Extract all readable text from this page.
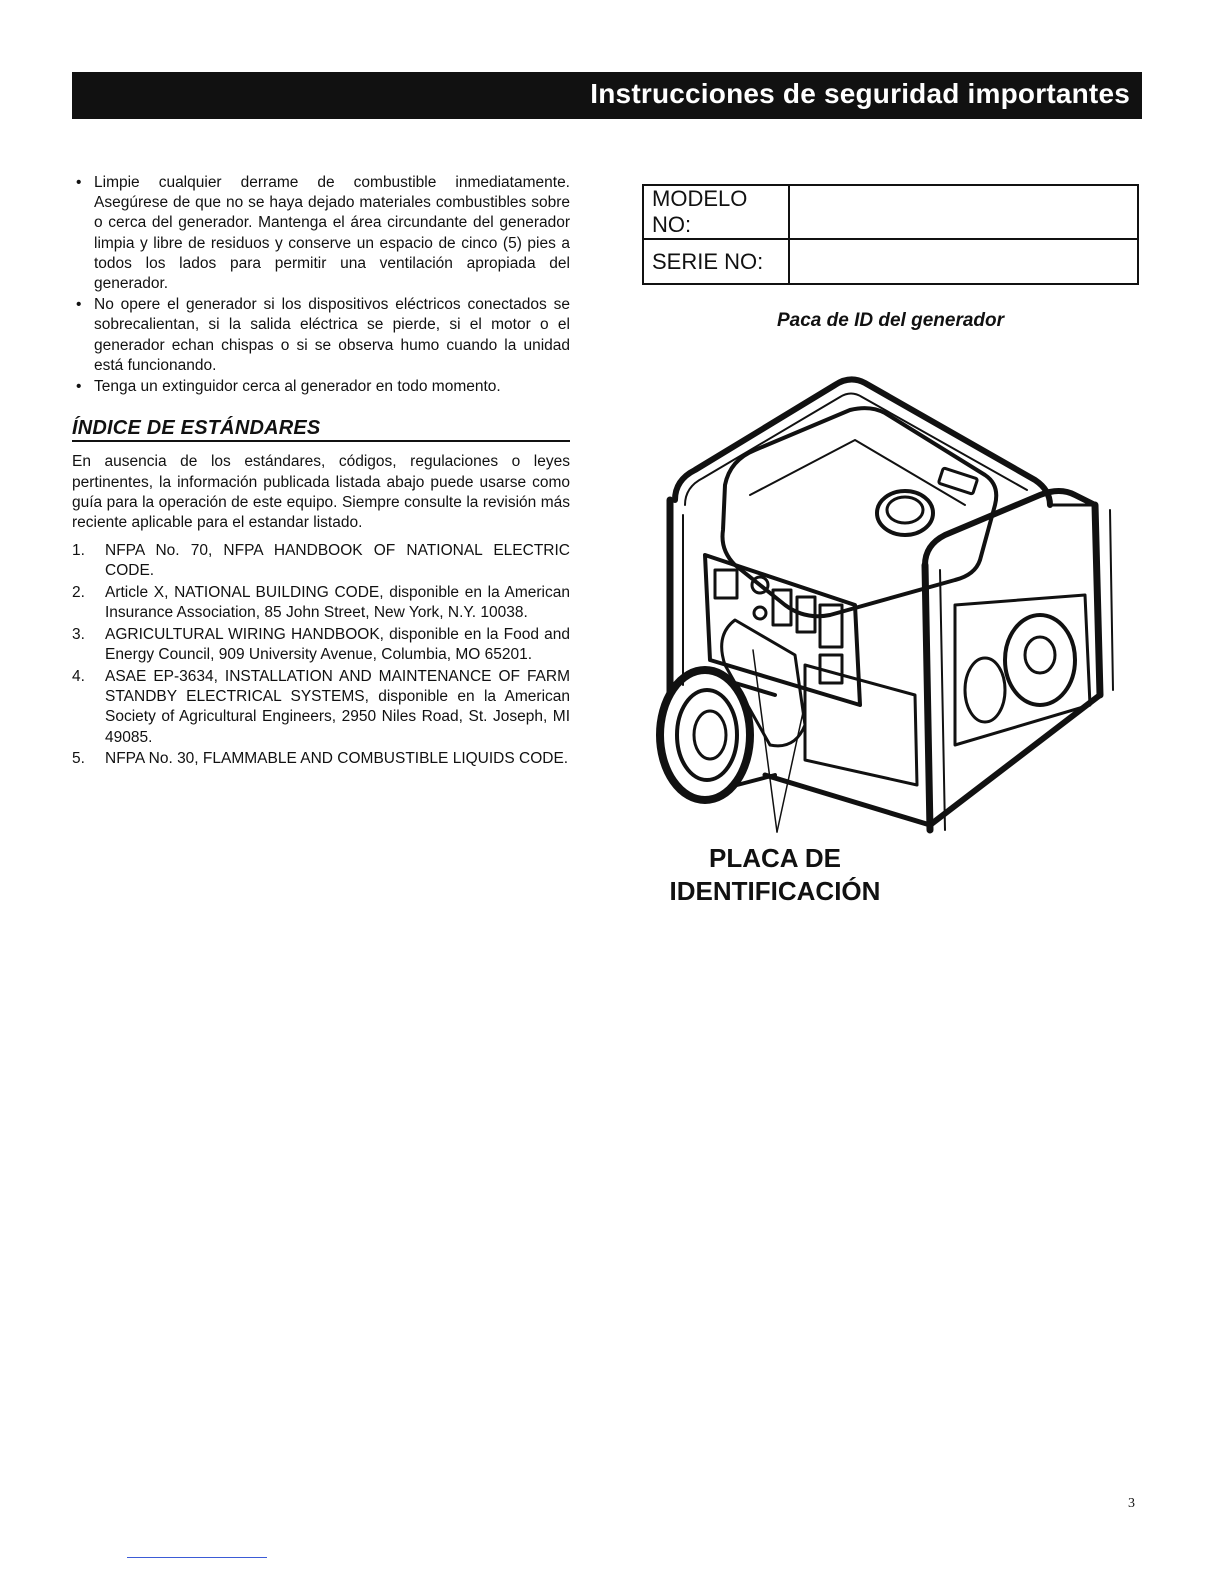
Instrucciones de seguridad importantes
• Limpie cualquier derrame de combustible inmediatamente. Asegúrese de que no se haya dejado materiales combustibles sobre o cerca del generador. Mantenga el área circundante del generador limpia y libre de residuos y conserve un espacio de cinco (5) pies a todos los lados para permitir una ventilación apropiada del generador.
• No opere el generador si los dispositivos eléctricos conectados se sobrecalientan, si la salida eléctrica se pierde, si el motor o el generador echan chispas o si se observa humo cuando la unidad está funcionando.
• Tenga un extinguidor cerca al generador en todo momento.
ÍNDICE DE ESTÁNDARES

En ausencia de los estándares, códigos, regulaciones o leyes pertinentes, la información publicada listada abajo puede usarse como guía para la operación de este equipo. Siempre consulte la revisión más reciente aplicable para el estandar listado.

1. NFPA No. 70, NFPA HANDBOOK OF NATIONAL ELECTRIC CODE.
2. Article X, NATIONAL BUILDING CODE, disponible en la American Insurance Association, 85 John Street, New York, N.Y. 10038.
3. AGRICULTURAL WIRING HANDBOOK, disponible en la Food and Energy Council, 909 University Avenue, Columbia, MO 65201.
4. ASAE EP-3634, INSTALLATION AND MAINTENANCE OF FARM STANDBY ELECTRICAL SYSTEMS, disponible en la American Society of Agricultural Engineers, 2950 Niles Road, St. Joseph, MI 49085.
5. NFPA No. 30, FLAMMABLE AND COMBUSTIBLE LIQUIDS CODE.
MODELO NO:	
SERIE NO:	
Paca de ID del generador
PLACA DE
IDENTIFICACIÓN
3
